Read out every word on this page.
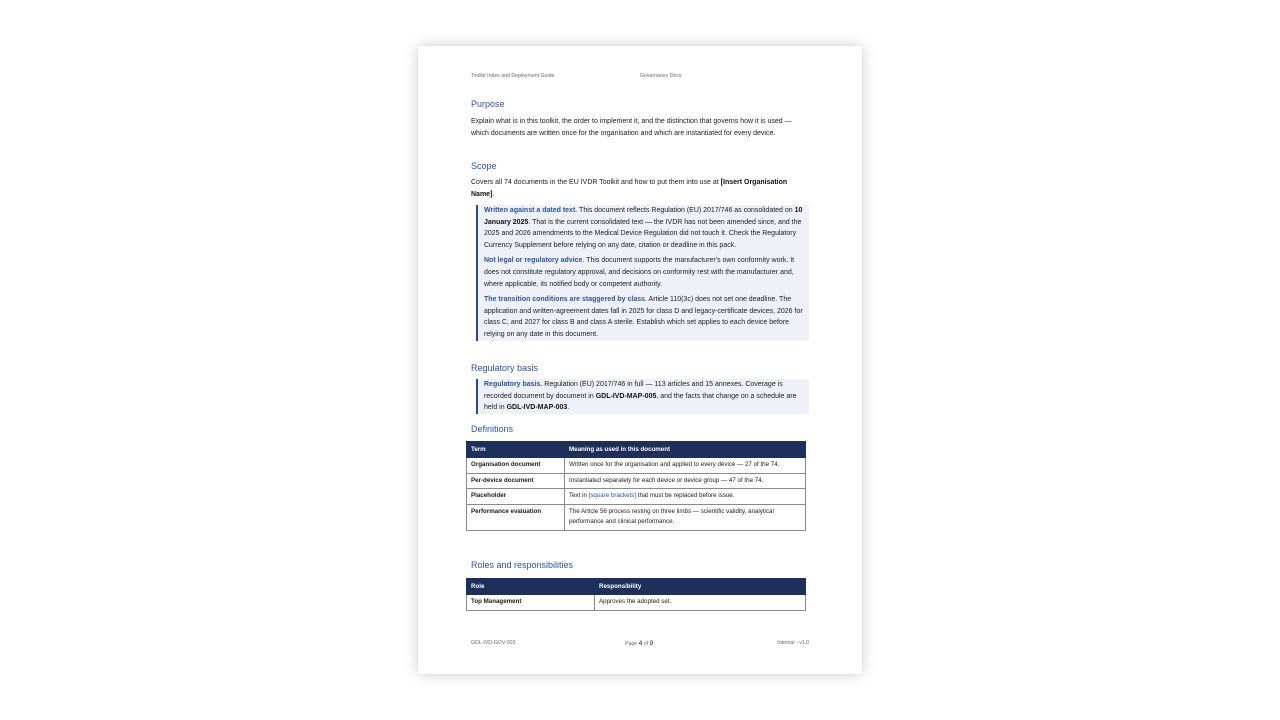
Toolkit Index and Deployment Guide	Governance Docs
Purpose

Explain what is in this toolkit, the order to implement it, and the distinction that governs how it is used — which documents are written once for the organisation and which are instantiated for every device.

Scope

Covers all 74 documents in the EU IVDR Toolkit and how to put them into use at [Insert Organisation Name].

Written against a dated text. This document reflects Regulation (EU) 2017/746 as consolidated on 10 January 2025. That is the current consolidated text — the IVDR has not been amended since, and the 2025 and 2026 amendments to the Medical Device Regulation did not touch it. Check the Regulatory Currency Supplement before relying on any date, citation or deadline in this pack.

Not legal or regulatory advice. This document supports the manufacturer's own conformity work. It does not constitute regulatory approval, and decisions on conformity rest with the manufacturer and, where applicable, its notified body or competent authority.

The transition conditions are staggered by class. Article 110(3c) does not set one deadline. The application and written-agreement dates fall in 2025 for class D and legacy-certificate devices, 2026 for class C, and 2027 for class B and class A sterile. Establish which set applies to each device before relying on any date in this document.

Regulatory basis

Regulatory basis. Regulation (EU) 2017/746 in full — 113 articles and 15 annexes. Coverage is recorded document by document in GDL-IVD-MAP-005, and the facts that change on a schedule are held in GDL-IVD-MAP-003.

Definitions
Term	Meaning as used in this document
Organisation document	Written once for the organisation and applied to every device — 27 of the 74.
Per-device document	Instantiated separately for each device or device group — 47 of the 74.
Placeholder	Text in [square brackets] that must be replaced before issue.
Performance evaluation	The Article 56 process resting on three limbs — scientific validity, analytical performance and clinical performance.
Roles and responsibilities
Role	Responsibility
Top Management	Approves the adopted set.
GDL-IVD-GOV-003	Page 4 of 9	Internal - v1.0
